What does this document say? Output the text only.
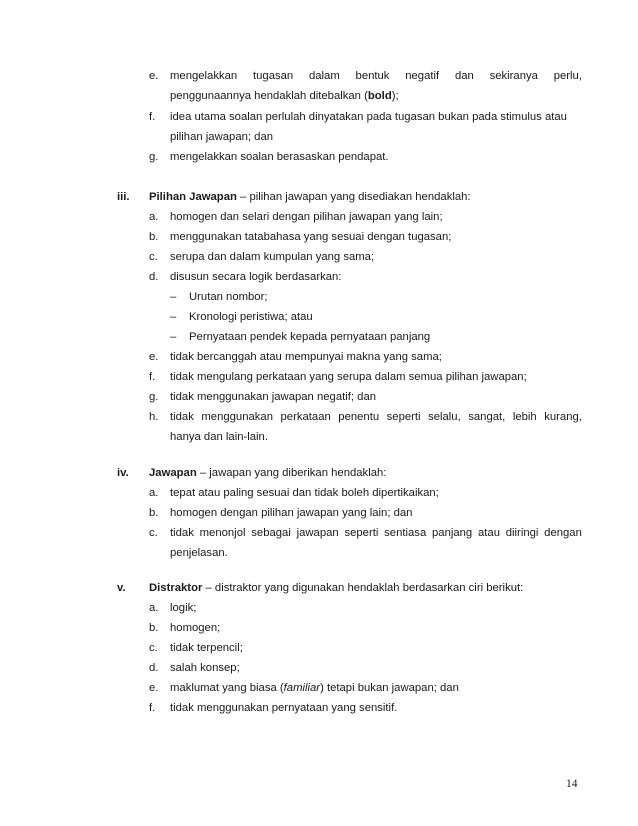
e. mengelakkan tugasan dalam bentuk negatif dan sekiranya perlu,
penggunaannya hendaklah ditebalkan (bold);
f. idea utama soalan perlulah dinyatakan pada tugasan bukan pada stimulus atau
pilihan jawapan; dan
g. mengelakkan soalan berasaskan pendapat.
iii. Pilihan Jawapan – pilihan jawapan yang disediakan hendaklah:
a. homogen dan selari dengan pilihan jawapan yang lain;
b. menggunakan tatabahasa yang sesuai dengan tugasan;
c. serupa dan dalam kumpulan yang sama;
d. disusun secara logik berdasarkan:
– Urutan nombor;
– Kronologi peristiwa; atau
– Pernyataan pendek kepada pernyataan panjang
e. tidak bercanggah atau mempunyai makna yang sama;
f. tidak mengulang perkataan yang serupa dalam semua pilihan jawapan;
g. tidak menggunakan jawapan negatif; dan
h. tidak menggunakan perkataan penentu seperti selalu, sangat, lebih kurang,
hanya dan lain-lain.
iv. Jawapan – jawapan yang diberikan hendaklah:
a. tepat atau paling sesuai dan tidak boleh dipertikaikan;
b. homogen dengan pilihan jawapan yang lain; dan
c. tidak menonjol sebagai jawapan seperti sentiasa panjang atau diiringi dengan
penjelasan.
v. Distraktor – distraktor yang digunakan hendaklah berdasarkan ciri berikut:
a. logik;
b. homogen;
c. tidak terpencil;
d. salah konsep;
e. maklumat yang biasa (familiar) tetapi bukan jawapan; dan
f. tidak menggunakan pernyataan yang sensitif.
14
